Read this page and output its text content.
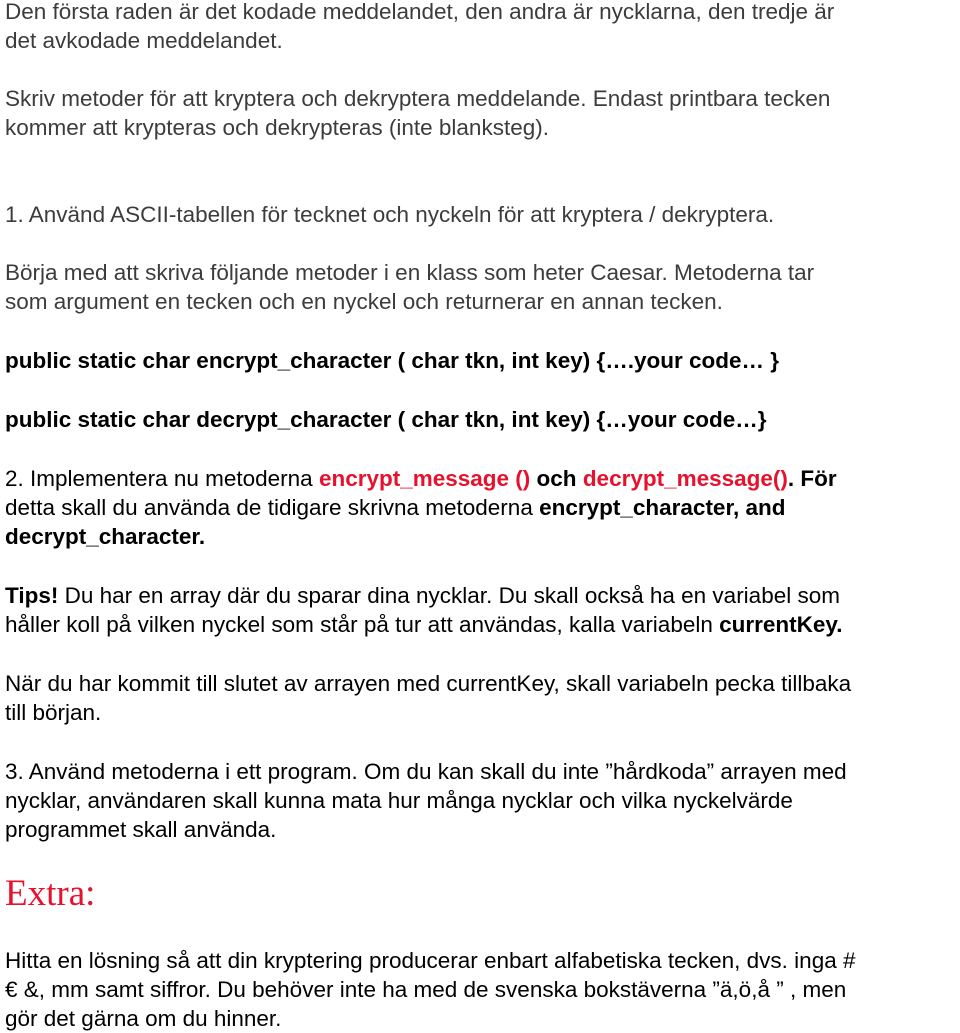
Den första raden är det kodade meddelandet, den andra är nycklarna, den tredje är
det avkodade meddelandet.
Skriv metoder för att kryptera och dekryptera meddelande. Endast printbara tecken
kommer att krypteras och dekrypteras (inte blanksteg).
1. Använd ASCII-tabellen för tecknet och nyckeln för att kryptera / dekryptera.
Börja med att skriva följande metoder i en klass som heter Caesar. Metoderna tar
som argument en tecken och en nyckel och returnerar en annan tecken.
public static char encrypt_character ( char tkn, int key) {….your code… }
public static char decrypt_character ( char tkn, int key) {…your code…}
2. Implementera nu metoderna encrypt_message () och decrypt_message(). För
detta skall du använda de tidigare skrivna metoderna encrypt_character, and
decrypt_character.
Tips! Du har en array där du sparar dina nycklar. Du skall också ha en variabel som
håller koll på vilken nyckel som står på tur att användas, kalla variabeln currentKey.
När du har kommit till slutet av arrayen med currentKey, skall variabeln pecka tillbaka
till början.
3. Använd metoderna i ett program. Om du kan skall du inte ”hårdkoda” arrayen med
nycklar, användaren skall kunna mata hur många nycklar och vilka nyckelvärde
programmet skall använda.
Extra:
Hitta en lösning så att din kryptering producerar enbart alfabetiska tecken, dvs. inga #
€ &, mm samt siffror. Du behöver inte ha med de svenska bokstäverna ”ä,ö,å ” , men
gör det gärna om du hinner.
